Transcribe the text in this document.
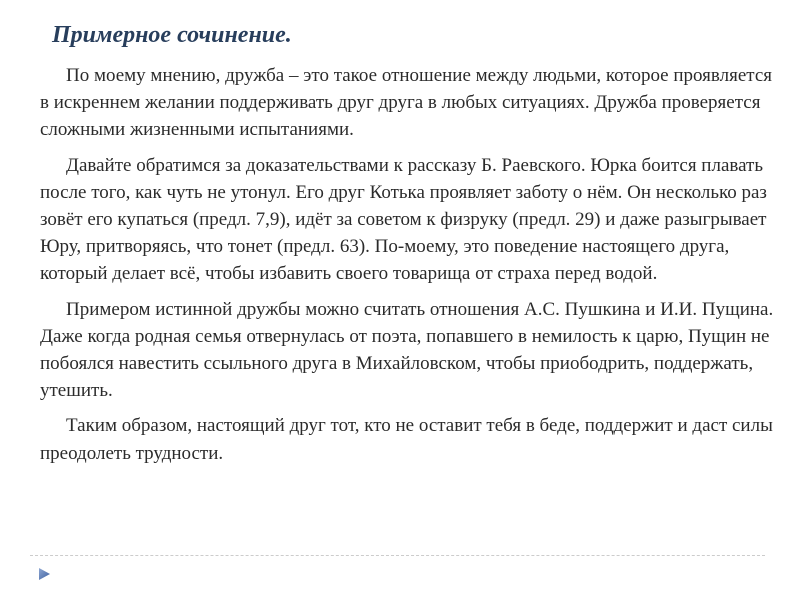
Примерное сочинение.

По моему мнению, дружба – это такое отношение между людьми, которое проявляется в искреннем желании поддерживать друг друга в любых ситуациях. Дружба проверяется сложными жизненными испытаниями.

Давайте обратимся за доказательствами к рассказу Б. Раевского. Юрка боится плавать после того, как чуть не утонул. Его друг Котька проявляет заботу о нём. Он несколько раз зовёт его купаться (предл. 7,9), идёт за советом к физруку (предл. 29) и даже разыгрывает Юру, притворяясь, что тонет (предл. 63). По-моему, это поведение настоящего друга, который делает всё, чтобы избавить своего товарища от страха перед водой.

Примером истинной дружбы можно считать отношения А.С. Пушкина и И.И. Пущина. Даже когда родная семья отвернулась от поэта, попавшего в немилость к царю, Пущин не побоялся навестить ссыльного друга в Михайловском, чтобы приободрить, поддержать, утешить.

Таким образом, настоящий друг тот, кто не оставит тебя в беде, поддержит и даст силы преодолеть трудности.
